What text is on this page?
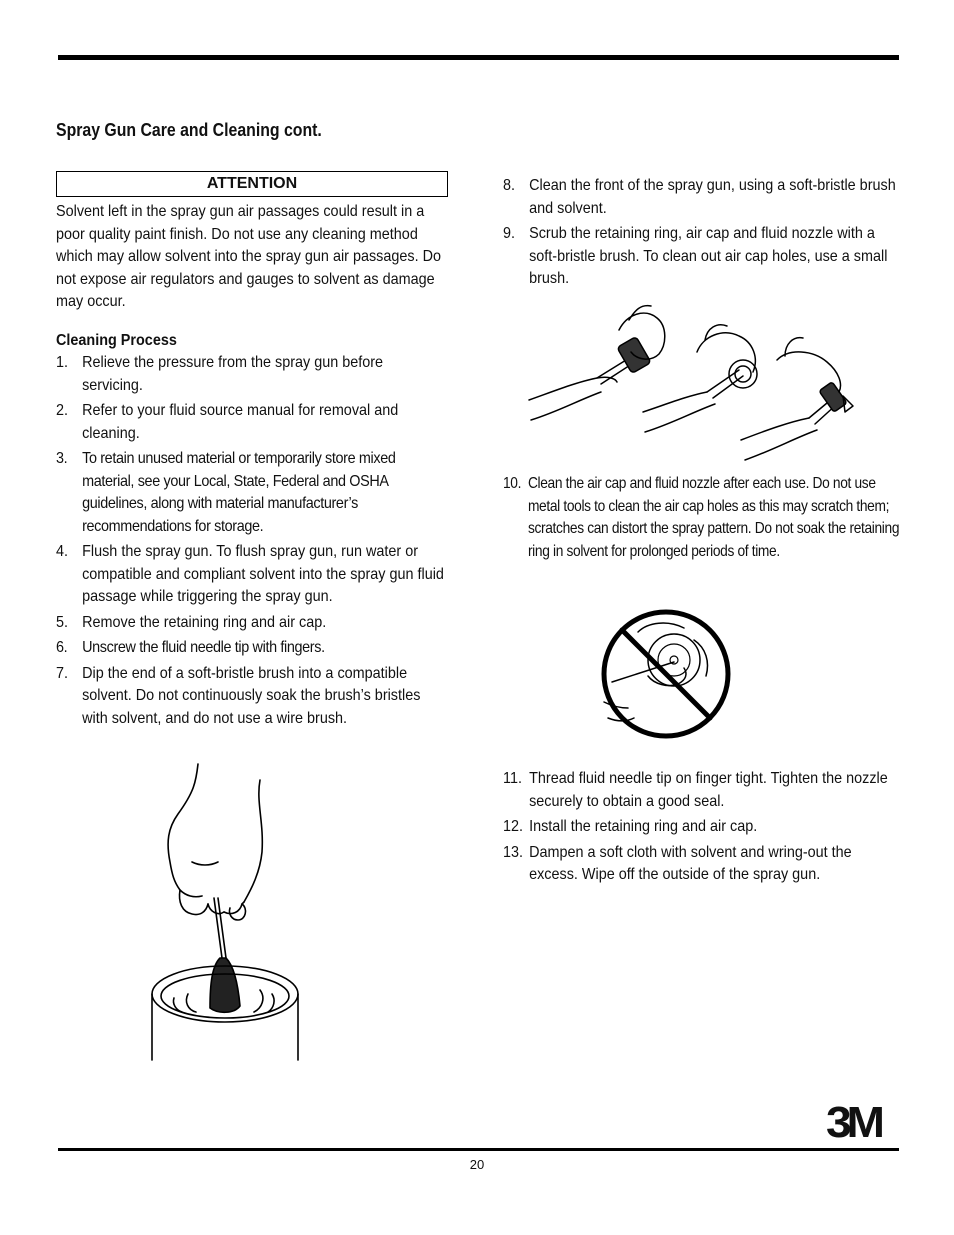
Spray Gun Care and Cleaning cont.
ATTENTION

Solvent left in the spray gun air passages could result in a poor quality paint finish. Do not use any cleaning method which may allow solvent into the spray gun air passages. Do not expose air regulators and gauges to solvent as damage may occur.

Cleaning Process
1. Relieve the pressure from the spray gun before servicing.
2. Refer to your fluid source manual for removal and cleaning.
3. To retain unused material or temporarily store mixed material, see your Local, State, Federal and OSHA guidelines, along with material manufacturer’s recommendations for storage.
4. Flush the spray gun. To flush spray gun, run water or compatible and compliant solvent into the spray gun fluid passage while triggering the spray gun.
5. Remove the retaining ring and air cap.
6. Unscrew the fluid needle tip with fingers.
7. Dip the end of a soft-bristle brush into a compatible solvent. Do not continuously soak the brush’s bristles with solvent, and do not use a wire brush.
8. Clean the front of the spray gun, using a soft-bristle brush and solvent.
9. Scrub the retaining ring, air cap and fluid nozzle with a soft-bristle brush. To clean out air cap holes, use a small brush.
10. Clean the air cap and fluid nozzle after each use. Do not use metal tools to clean the air cap holes as this may scratch them; scratches can distort the spray pattern. Do not soak the retaining ring in solvent for prolonged periods of time.
11. Thread fluid needle tip on finger tight. Tighten the nozzle securely to obtain a good seal.
12. Install the retaining ring and air cap.
13. Dampen a soft cloth with solvent and wring-out the excess. Wipe off the outside of the spray gun.
3M
20
